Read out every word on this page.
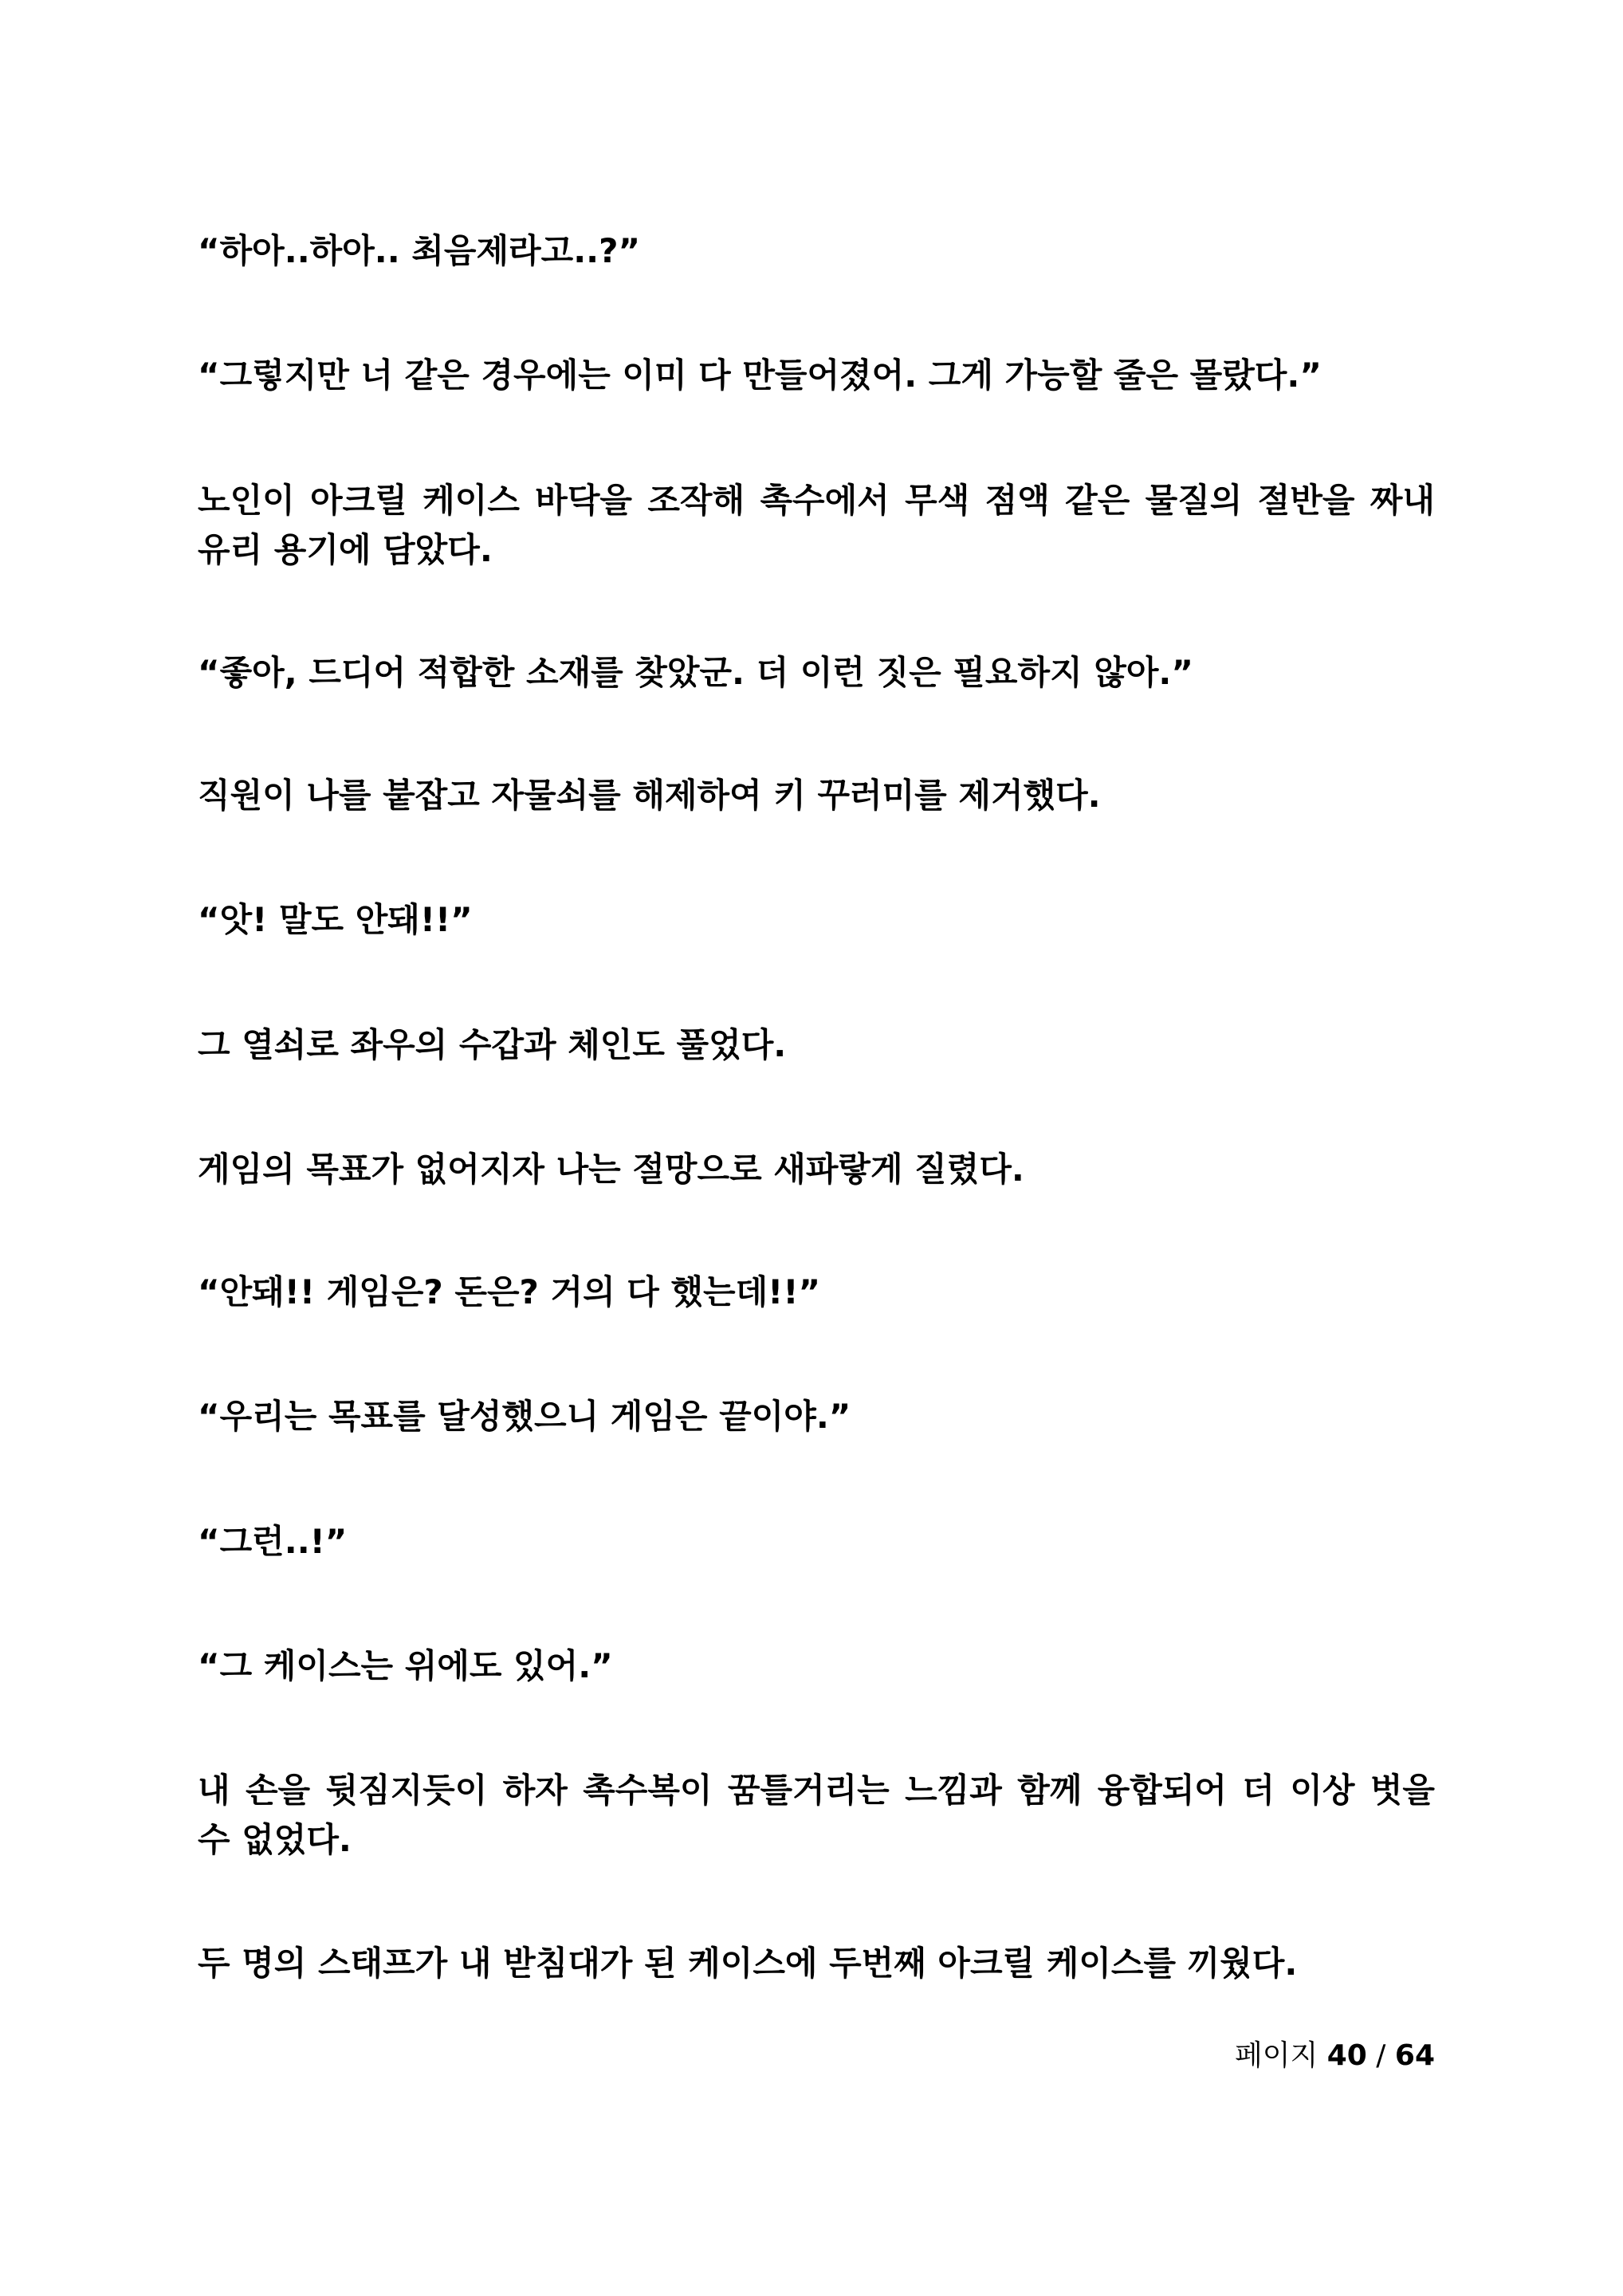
“하아..하아.. 최음제라고..?”

“그렇지만 너 같은 경우에는 이미 다 만들어졌어. 그게 가능할 줄은 몰랐다.”

노인이 아크릴 케이스 바닥을 조작해 촉수에서 무색 점액 같은 물질의 절반을 짜내 유리 용기에 담았다.

“좋아, 드디어 적합한 소재를 찾았군. 더 이런 짓은 필요하지 않아.”

직원이 나를 붙잡고 자물쇠를 해제하여 키 꾸러미를 제거했다.

“앗! 말도 안돼!!”

그 열쇠로 좌우의 수갑과 체인도 풀었다.

게임의 목표가 없어지자 나는 절망으로 새파랗게 질렸다.

“안돼!! 게임은? 돈은? 거의 다 했는데!!”

“우리는 목표를 달성했으니 게임은 끝이야.”

“그런..!”

“그 케이스는 위에도 있어.”

내 손을 뒷짐지듯이 하자 촉수복이 꿈틀거리는 느낌과 함께 융합되어 더 이상 벗을 수 없었다.

두 명의 스태프가 내 받침대가 된 케이스에 두번째 아크릴 케이스를 끼웠다.

페이지 40 / 64
